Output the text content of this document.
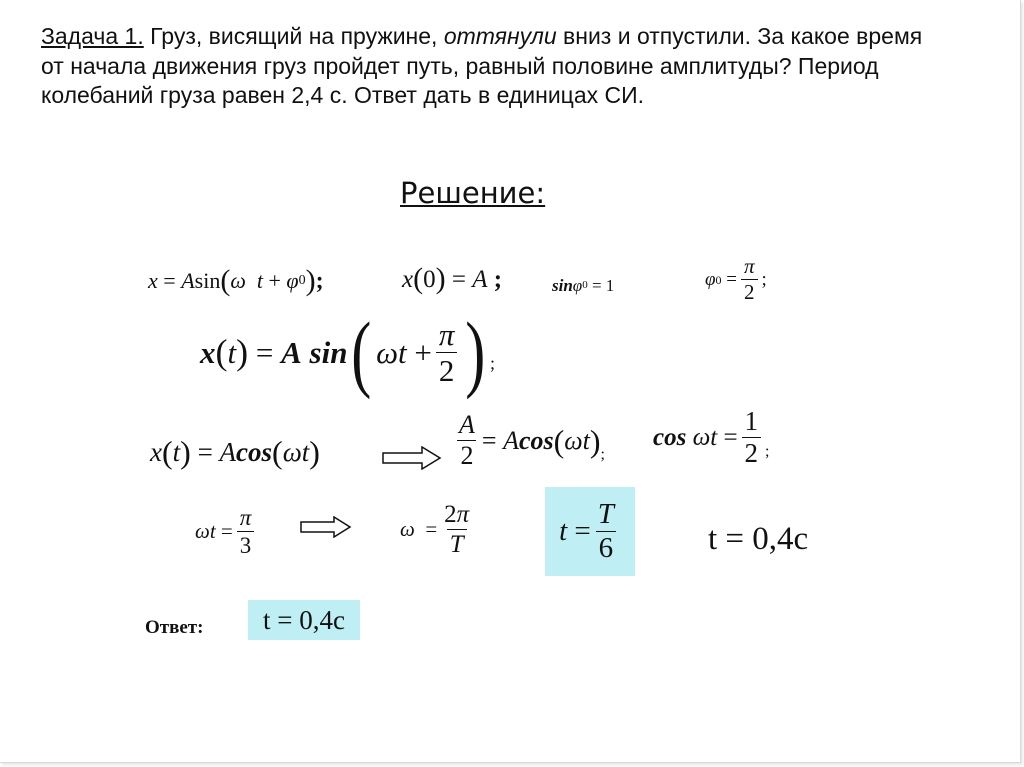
Задача 1. Груз, висящий на пружине, оттянули вниз и отпустили. За какое время от начала движения груз пройдет путь, равный половине амплитуды? Период колебаний груза равен 2,4 с. Ответ дать в единицах СИ.

Решение:
x = A sin ( ω
t + φ 0 ) ;	x ( 0 ) = A
;	sin φ 0 = 1	φ $0 = \frac{\pi}{2}$ ;
x ( t ) = A
sin ( $\omega t + \frac{\pi}{2}$ ) ;
x ( t ) = A cos ( ωt )	$\frac{A}{2} = A$ cos ( ωt ) ;
cos
$\omega t = \frac{1}{2}$ ;
$\omega t = \frac{\pi}{3}$	$\omega = \frac{2\pi}{T}$	$t = \frac{T}{6}$	t = 0,4c
Ответ: t = 0,4c
